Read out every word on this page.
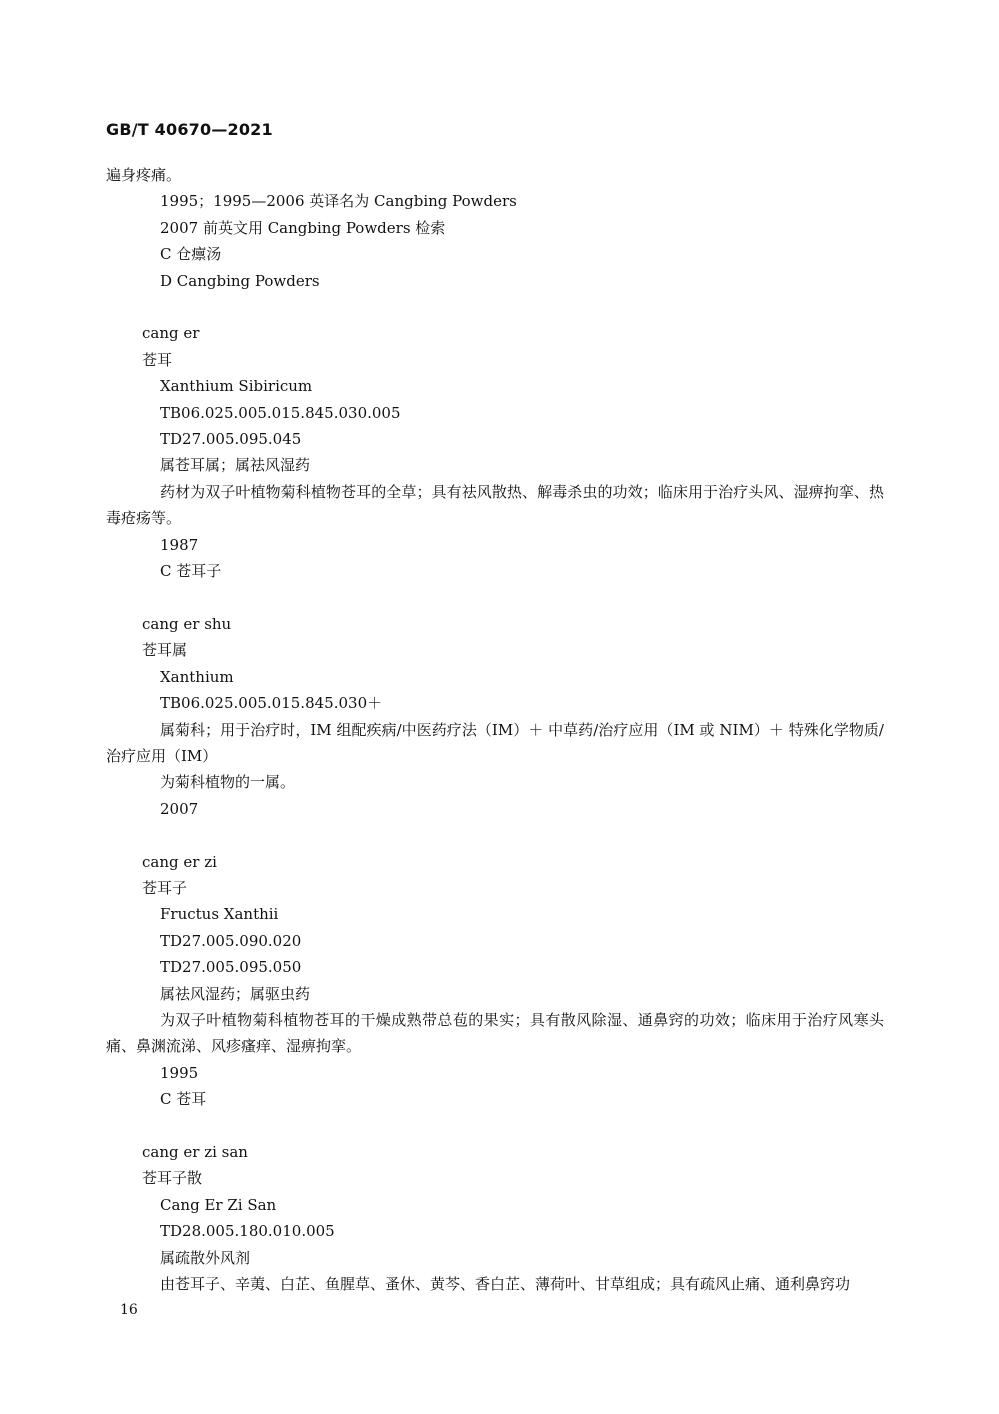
GB/T 40670—2021
遍身疼痛。
1995；1995—2006 英译名为 Cangbing Powders
2007 前英文用 Cangbing Powders 检索
C 仓癝汤
D Cangbing Powders
cang er
苍耳
Xanthium Sibiricum
TB06.025.005.015.845.030.005
TD27.005.095.045
属苍耳属；属祛风湿药
药材为双子叶植物菊科植物苍耳的全草；具有祛风散热、解毒杀虫的功效；临床用于治疗头风、湿痹拘挛、热毒疮疡等。
1987
C 苍耳子
cang er shu
苍耳属
Xanthium
TB06.025.005.015.845.030＋
属菊科；用于治疗时，IM 组配疾病/中医药疗法（IM）＋ 中草药/治疗应用（IM 或 NIM）＋ 特殊化学物质/治疗应用（IM）
为菊科植物的一属。
2007
cang er zi
苍耳子
Fructus Xanthii
TD27.005.090.020
TD27.005.095.050
属祛风湿药；属驱虫药
为双子叶植物菊科植物苍耳的干燥成熟带总苞的果实；具有散风除湿、通鼻窍的功效；临床用于治疗风寒头痛、鼻渊流涕、风疹瘙痒、湿痹拘挛。
1995
C 苍耳
cang er zi san
苍耳子散
Cang Er Zi San
TD28.005.180.010.005
属疏散外风剂
由苍耳子、辛荑、白芷、鱼腥草、蚤休、黄芩、香白芷、薄荷叶、甘草组成；具有疏风止痛、通利鼻窍功
16
